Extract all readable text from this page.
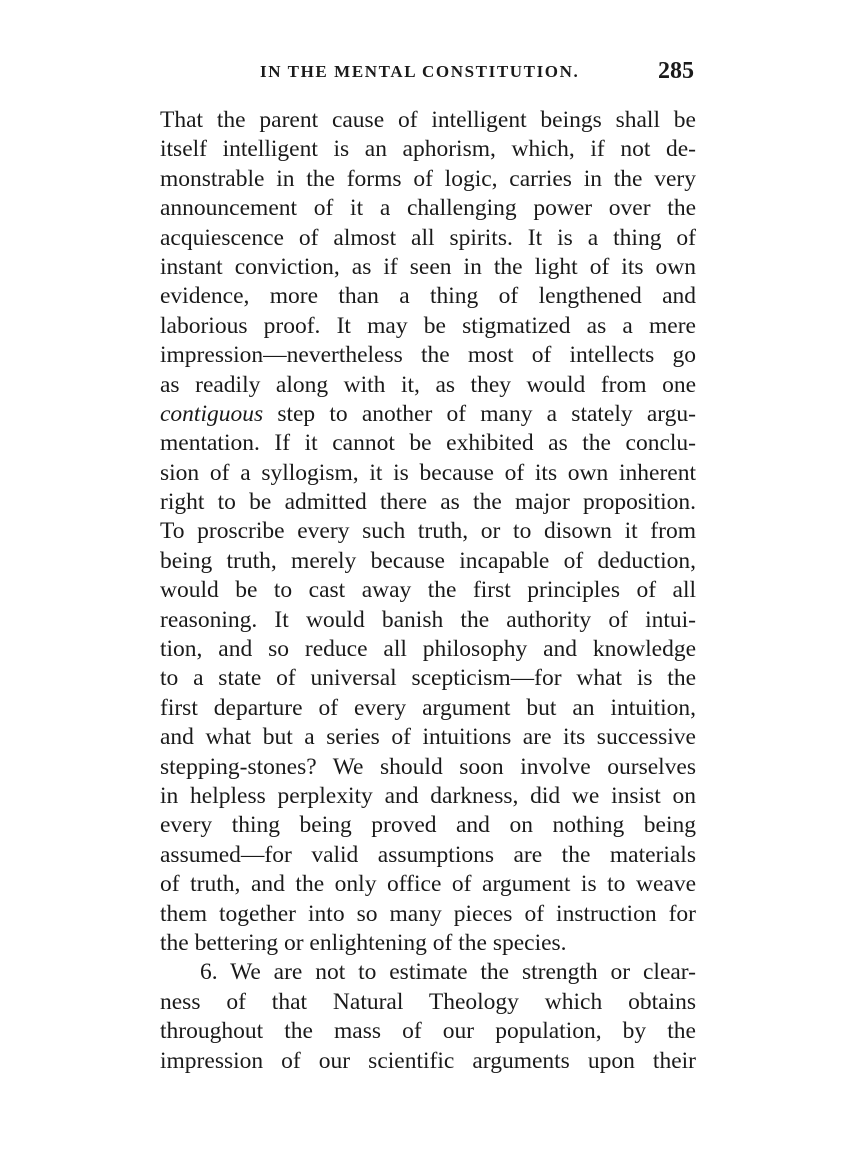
IN THE MENTAL CONSTITUTION.	285
That the parent cause of intelligent beings shall be
itself intelligent is an aphorism, which, if not de-
monstrable in the forms of logic, carries in the very
announcement of it a challenging power over the
acquiescence of almost all spirits. It is a thing of
instant conviction, as if seen in the light of its own
evidence, more than a thing of lengthened and
laborious proof. It may be stigmatized as a mere
impression—nevertheless the most of intellects go
as readily along with it, as they would from one
contiguous step to another of many a stately argu-
mentation. If it cannot be exhibited as the conclu-
sion of a syllogism, it is because of its own inherent
right to be admitted there as the major proposition.
To proscribe every such truth, or to disown it from
being truth, merely because incapable of deduction,
would be to cast away the first principles of all
reasoning. It would banish the authority of intui-
tion, and so reduce all philosophy and knowledge
to a state of universal scepticism—for what is the
first departure of every argument but an intuition,
and what but a series of intuitions are its successive
stepping-stones? We should soon involve ourselves
in helpless perplexity and darkness, did we insist on
every thing being proved and on nothing being
assumed—for valid assumptions are the materials
of truth, and the only office of argument is to weave
them together into so many pieces of instruction for
the bettering or enlightening of the species.
6. We are not to estimate the strength or clear-
ness of that Natural Theology which obtains
throughout the mass of our population, by the
impression of our scientific arguments upon their
